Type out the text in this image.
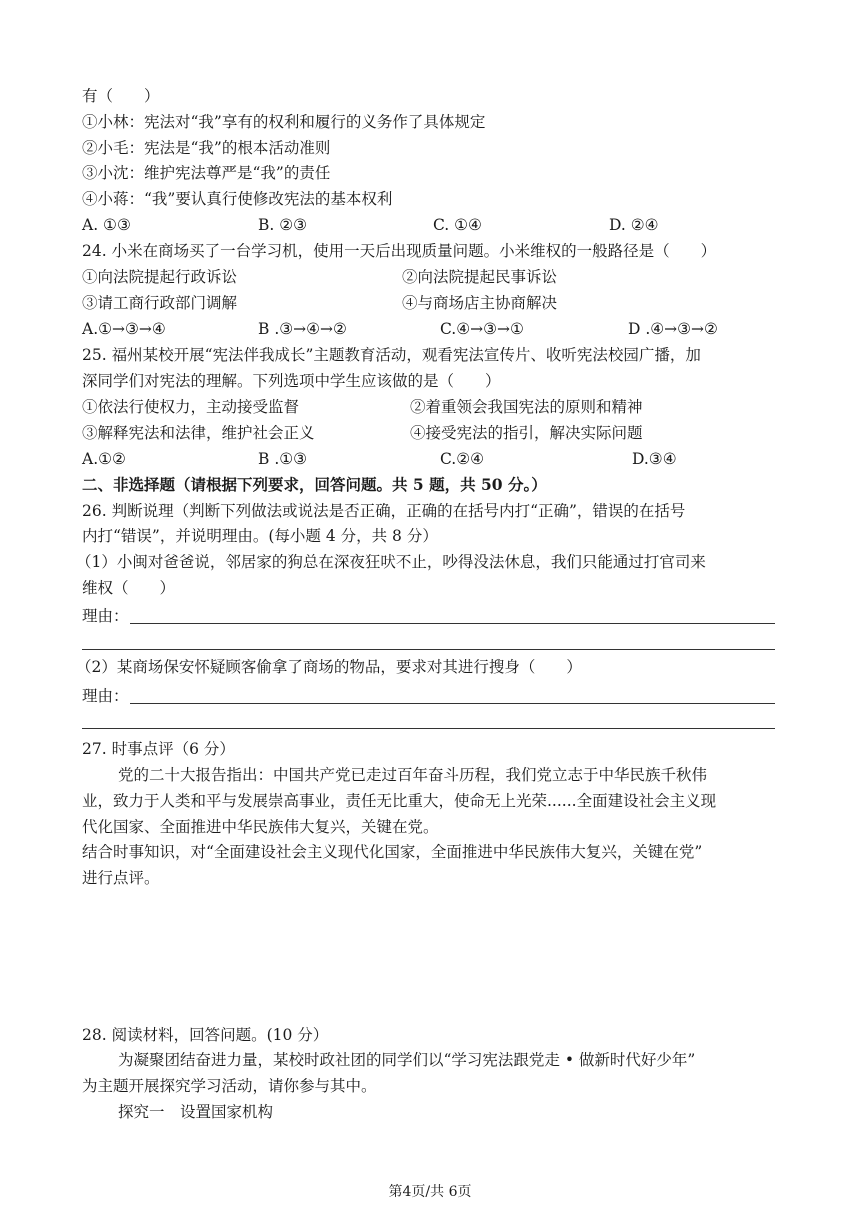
有（　　）
①小林：宪法对“我”享有的权利和履行的义务作了具体规定
②小毛：宪法是“我”的根本活动准则
③小沈：维护宪法尊严是“我”的责任
④小蒋：“我”要认真行使修改宪法的基本权利
A. ①③	B. ②③	C. ①④	D. ②④
24. 小米在商场买了一台学习机，使用一天后出现质量问题。小米维权的一般路径是（　　）
①向法院提起行政诉讼	②向法院提起民事诉讼
③请工商行政部门调解	④与商场店主协商解决
A.①→③→④	B .③→④→②	C.④→③→①	D .④→③→②
25. 福州某校开展“宪法伴我成长”主题教育活动，观看宪法宣传片、收听宪法校园广播，加
深同学们对宪法的理解。下列选项中学生应该做的是（　　）
①依法行使权力，主动接受监督	②着重领会我国宪法的原则和精神
③解释宪法和法律，维护社会正义	④接受宪法的指引，解决实际问题
A.①②	B .①③	C.②④	D.③④
二、非选择题（请根据下列要求，回答问题。共 5 题，共 50 分。）
26. 判断说理（判断下列做法或说法是否正确，正确的在括号内打“正确”，错误的在括号
内打“错误”，并说明理由。(每小题 4 分，共 8 分）
（1）小闽对爸爸说，邻居家的狗总在深夜狂吠不止，吵得没法休息，我们只能通过打官司来
维权（　　）
理由：
（2）某商场保安怀疑顾客偷拿了商场的物品，要求对其进行搜身（　　）
理由：
27. 时事点评（6 分）
党的二十大报告指出：中国共产党已走过百年奋斗历程，我们党立志于中华民族千秋伟
业，致力于人类和平与发展崇高事业，责任无比重大，使命无上光荣......全面建设社会主义现
代化国家、全面推进中华民族伟大复兴，关键在党。
结合时事知识，对“全面建设社会主义现代化国家，全面推进中华民族伟大复兴，关键在党”
进行点评。
28. 阅读材料，回答问题。(10 分）
为凝聚团结奋进力量，某校时政社团的同学们以“学习宪法跟党走 • 做新时代好少年”
为主题开展探究学习活动，请你参与其中。
探究一　设置国家机构
第4页/共 6页
